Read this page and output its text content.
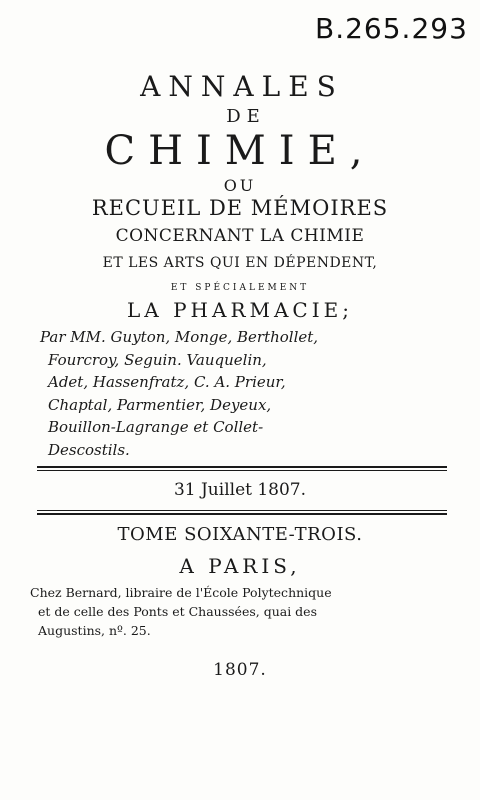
B.265.293
ANNALES
DE
CHIMIE,
OU
RECUEIL DE MÉMOIRES
CONCERNANT LA CHIMIE
ET LES ARTS QUI EN DÉPENDENT,
ET SPÉCIALEMENT
LA PHARMACIE;
Par MM. Guyton, Monge, Berthollet,
Fourcroy, Seguin. Vauquelin,
Adet, Hassenfratz, C. A. Prieur,
Chaptal, Parmentier, Deyeux,
Bouillon-Lagrange et Collet-
Descostils.
31 Juillet 1807.
TOME SOIXANTE-TROIS.
A PARIS,
Chez Bernard, libraire de l'École Polytechnique
et de celle des Ponts et Chaussées, quai des
Augustins, nº. 25.
1807.
